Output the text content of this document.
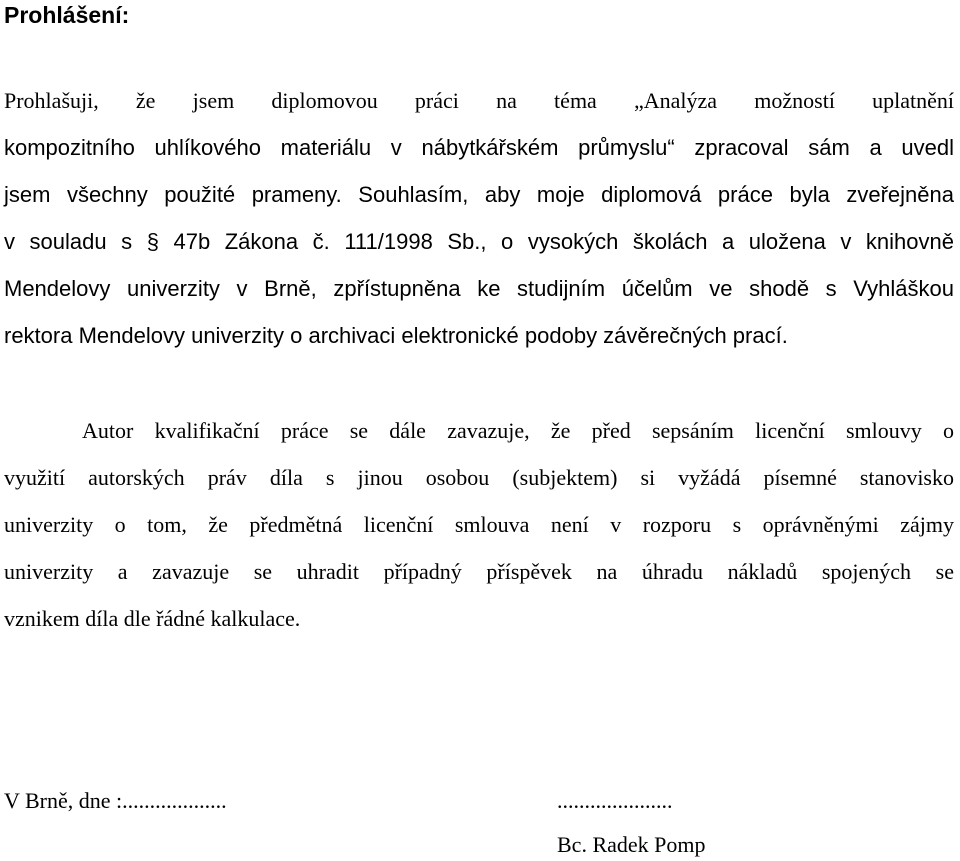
Prohlášení:

Prohlašuji, že jsem diplomovou práci na téma „Analýza možností uplatnění
kompozitního uhlíkového materiálu v nábytkářském průmyslu“ zpracoval sám a uvedl
jsem všechny použité prameny. Souhlasím, aby moje diplomová práce byla zveřejněna
v souladu s § 47b Zákona č. 111/1998 Sb., o vysokých školách a uložena v knihovně
Mendelovy univerzity v Brně, zpřístupněna ke studijním účelům ve shodě s Vyhláškou
rektora Mendelovy univerzity o archivaci elektronické podoby závěrečných prací.

Autor kvalifikační práce se dále zavazuje, že před sepsáním licenční smlouvy o
využití autorských práv díla s jinou osobou (subjektem) si vyžádá písemné stanovisko
univerzity o tom, že předmětná licenční smlouva není v rozporu s oprávněnými zájmy
univerzity a zavazuje se uhradit případný příspěvek na úhradu nákladů spojených se
vznikem díla dle řádné kalkulace.

V Brně, dne :...................	.....................
Bc. Radek Pomp
